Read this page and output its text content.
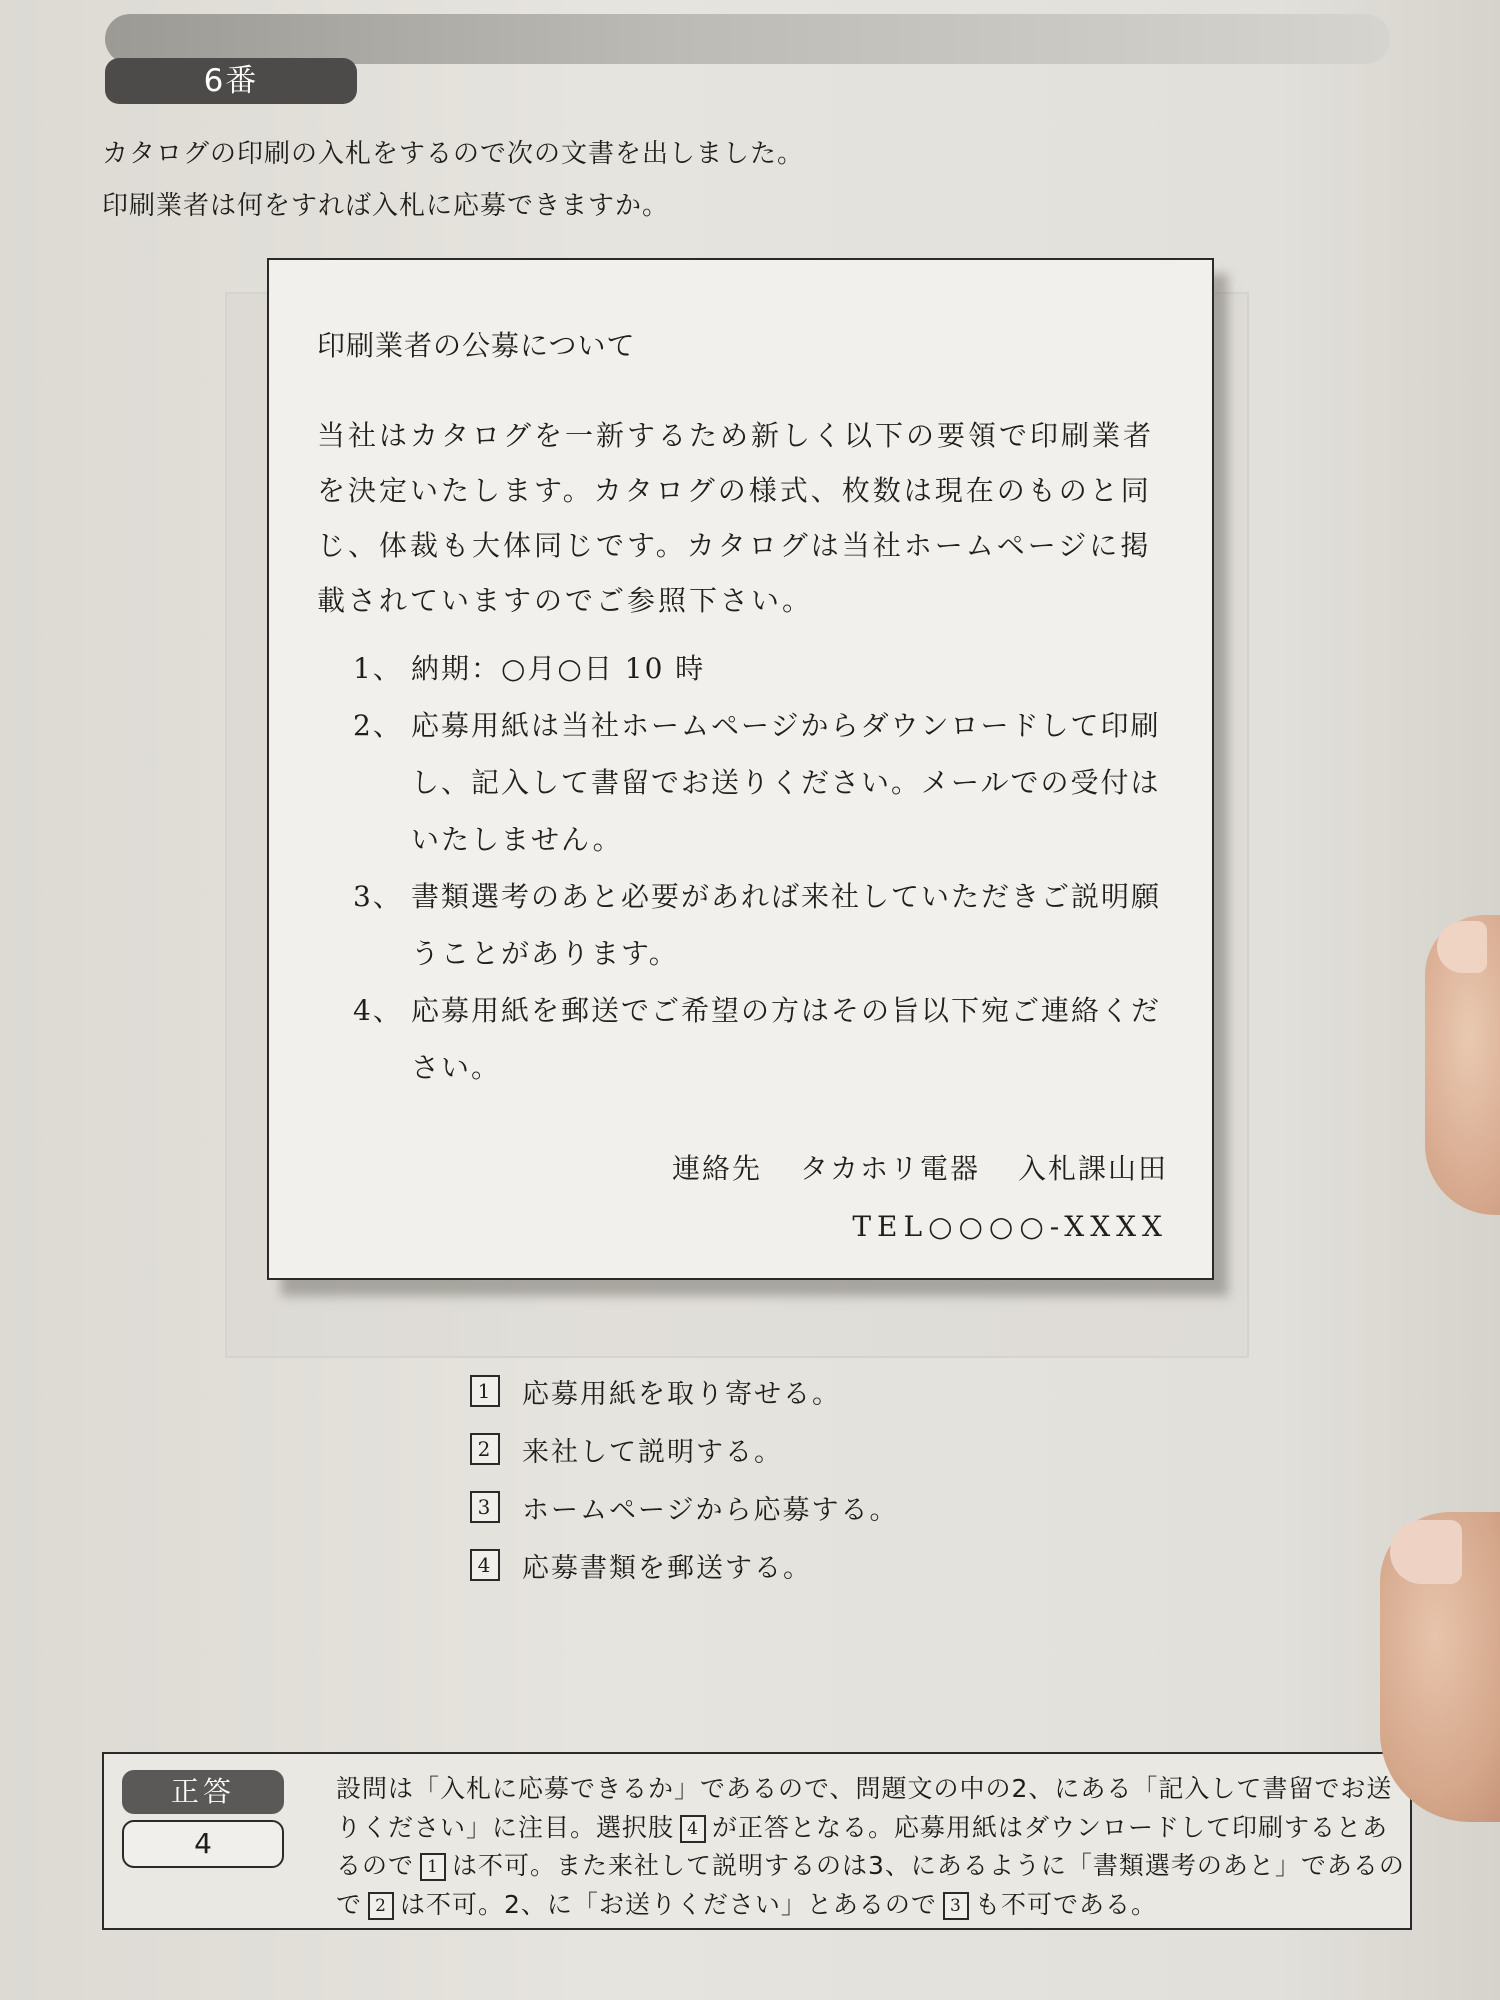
6番
カタログの印刷の入札をするので次の文書を出しました。
印刷業者は何をすれば入札に応募できますか。
印刷業者の公募について
当社はカタログを一新するため新しく以下の要領で印刷業者を決定いたします。カタログの様式、枚数は現在のものと同じ、体裁も大体同じです。カタログは当社ホームページに掲載されていますのでご参照下さい。
1、 納期：○月○日 10 時
2、 応募用紙は当社ホームページからダウンロードして印刷し、記入して書留でお送りください。メールでの受付はいたしません。
3、 書類選考のあと必要があれば来社していただきご説明願うことがあります。
4、 応募用紙を郵送でご希望の方はその旨以下宛ご連絡ください。
連絡先 タカホリ電器 入札課山田
TEL○○○○-XXXX
1 応募用紙を取り寄せる。
2 来社して説明する。
3 ホームページから応募する。
4 応募書類を郵送する。
正答
4
設問は「入札に応募できるか」であるので、問題文の中の2、にある「記入して書留でお送りください」に注目。選択肢 4 が正答となる。応募用紙はダウンロードして印刷するとあるので 1 は不可。また来社して説明するのは3、にあるように「書類選考のあと」であるので 2 は不可。2、に「お送りください」とあるので 3 も不可である。
